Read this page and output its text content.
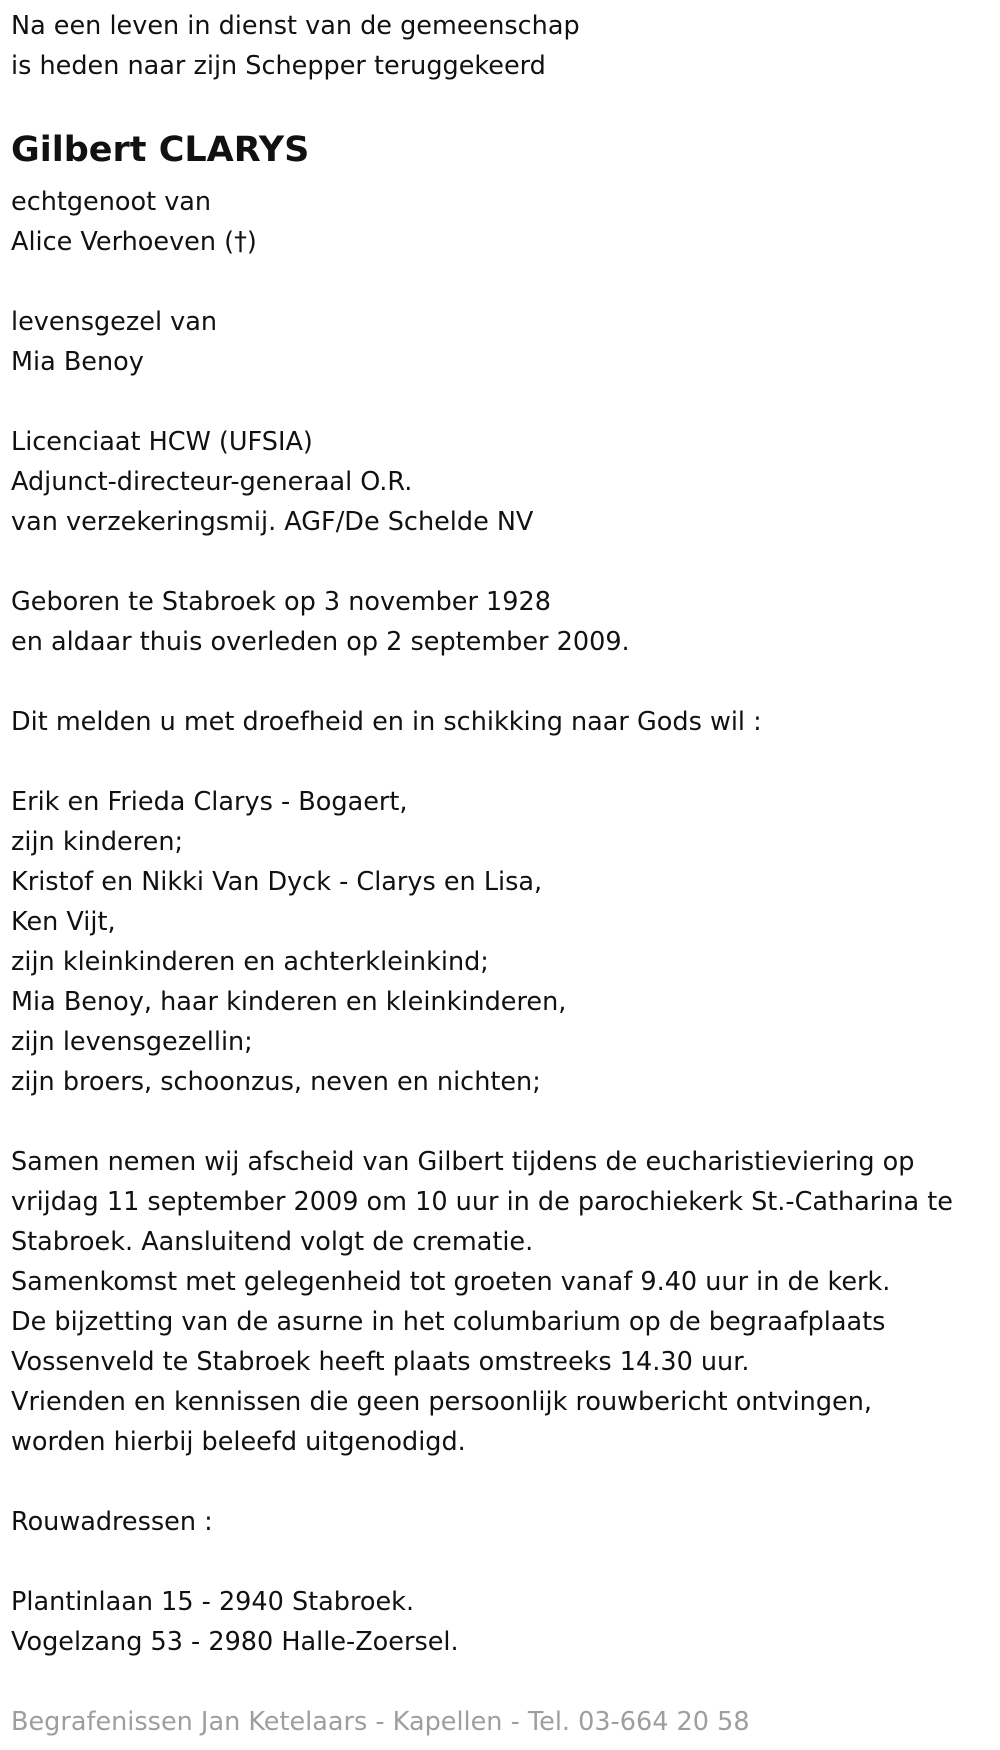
Na een leven in dienst van de gemeenschap
is heden naar zijn Schepper teruggekeerd
Gilbert CLARYS
echtgenoot van
Alice Verhoeven (†)
levensgezel van
Mia Benoy
Licenciaat HCW (UFSIA)
Adjunct-directeur-generaal O.R.
van verzekeringsmij. AGF/De Schelde NV
Geboren te Stabroek op 3 november 1928
en aldaar thuis overleden op 2 september 2009.
Dit melden u met droefheid en in schikking naar Gods wil :
Erik en Frieda Clarys - Bogaert,
zijn kinderen;
Kristof en Nikki Van Dyck - Clarys en Lisa,
Ken Vijt,
zijn kleinkinderen en achterkleinkind;
Mia Benoy, haar kinderen en kleinkinderen,
zijn levensgezellin;
zijn broers, schoonzus, neven en nichten;
Samen nemen wij afscheid van Gilbert tijdens de eucharistieviering op
vrijdag 11 september 2009 om 10 uur in de parochiekerk St.-Catharina te
Stabroek. Aansluitend volgt de crematie.
Samenkomst met gelegenheid tot groeten vanaf 9.40 uur in de kerk.
De bijzetting van de asurne in het columbarium op de begraafplaats
Vossenveld te Stabroek heeft plaats omstreeks 14.30 uur.
Vrienden en kennissen die geen persoonlijk rouwbericht ontvingen,
worden hierbij beleefd uitgenodigd.
Rouwadressen :
Plantinlaan 15 - 2940 Stabroek.
Vogelzang 53 - 2980 Halle-Zoersel.
Begrafenissen Jan Ketelaars - Kapellen - Tel. 03-664 20 58
